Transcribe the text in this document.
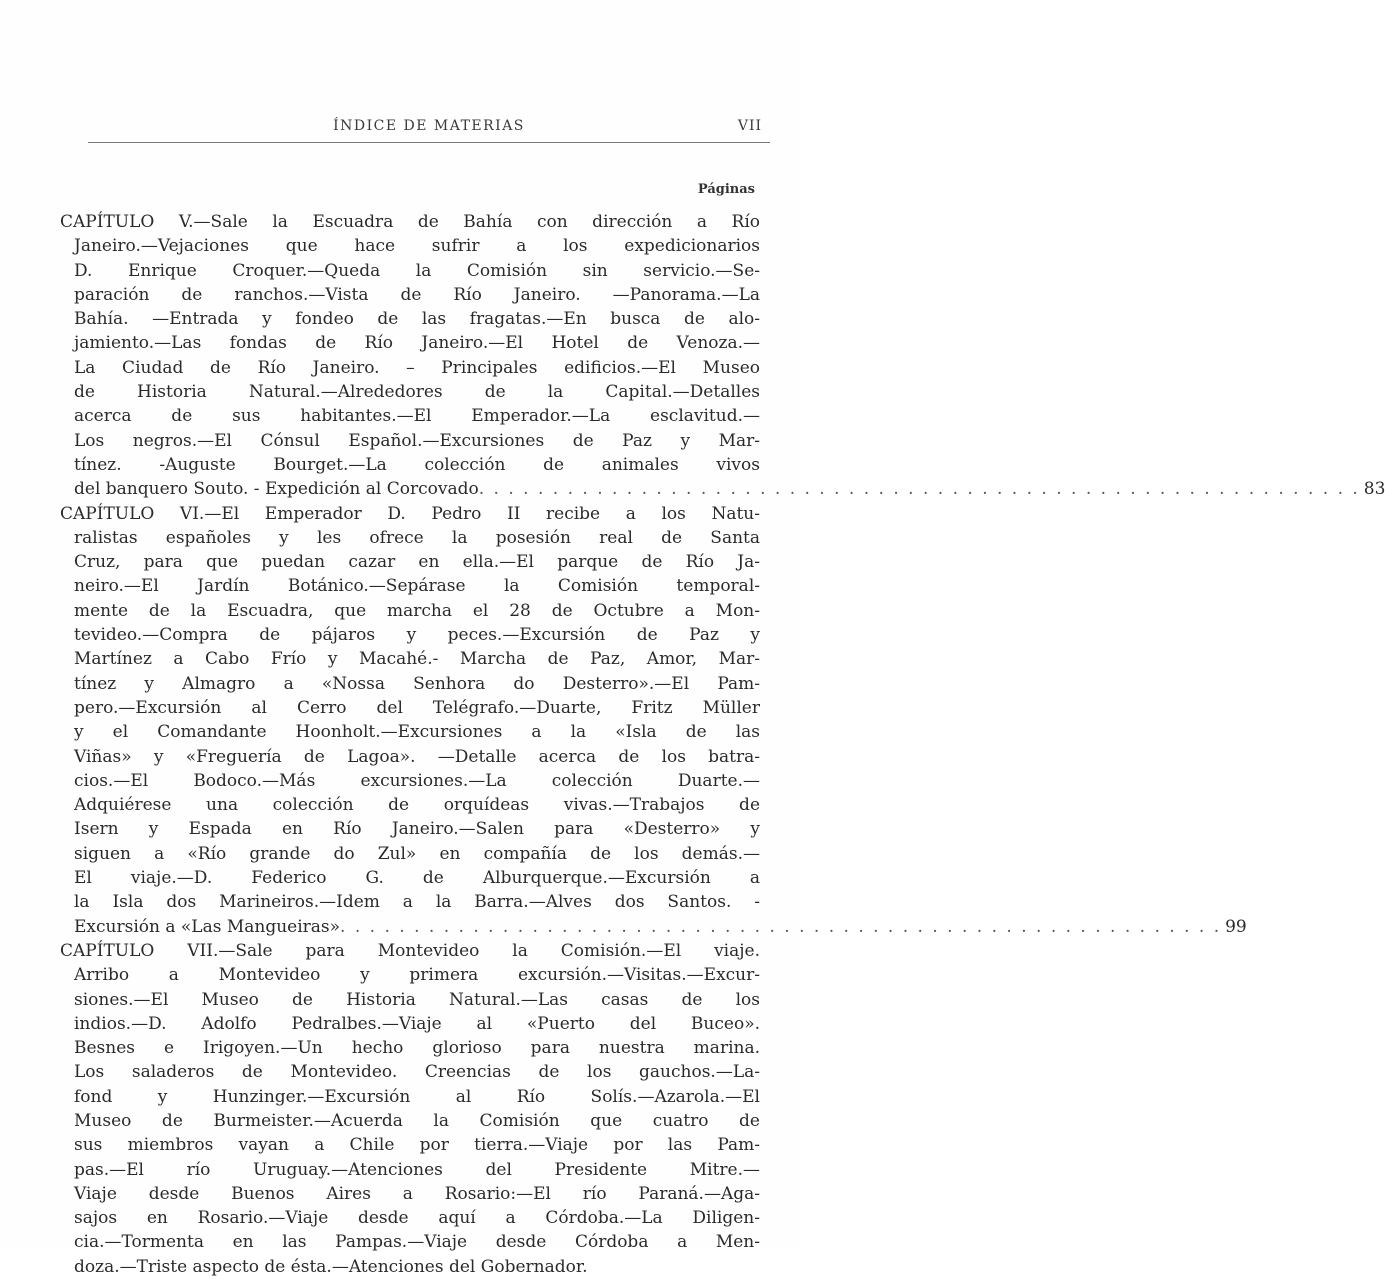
ÍNDICE DE MATERIAS	VII
Páginas
CAPÍTULO V.—Sale la Escuadra de Bahía con dirección a Río
Janeiro.—Vejaciones que hace sufrir a los expedicionarios
D. Enrique Croquer.—Queda la Comisión sin servicio.—Se-
paración de ranchos.—Vista de Río Janeiro. —Panorama.—La
Bahía. —Entrada y fondeo de las fragatas.—En busca de alo-
jamiento.—Las fondas de Río Janeiro.—El Hotel de Venoza.—
La Ciudad de Río Janeiro. – Principales edificios.—El Museo
de Historia Natural.—Alrededores de la Capital.—Detalles
acerca de sus habitantes.—El Emperador.—La esclavitud.—
Los negros.—El Cónsul Español.—Excursiones de Paz y Mar-
tínez. -Auguste Bourget.—La colección de animales vivos
del banquero Souto. - Expedición al Corcovado . . . . . . . . . . . . . . . . . . . . . . . . . . . . . . . . . . . . . . . . . . . . . . . . . . . . . . . . . . . . 83
CAPÍTULO VI.—El Emperador D. Pedro II recibe a los Natu-
ralistas españoles y les ofrece la posesión real de Santa
Cruz, para que puedan cazar en ella.—El parque de Río Ja-
neiro.—El Jardín Botánico.—Sepárase la Comisión temporal-
mente de la Escuadra, que marcha el 28 de Octubre a Mon-
tevideo.—Compra de pájaros y peces.—Excursión de Paz y
Martínez a Cabo Frío y Macahé.- Marcha de Paz, Amor, Mar-
tínez y Almagro a «Nossa Senhora do Desterro».—El Pam-
pero.—Excursión al Cerro del Telégrafo.—Duarte, Fritz Müller
y el Comandante Hoonholt.—Excursiones a la «Isla de las
Viñas» y «Freguería de Lagoa». —Detalle acerca de los batra-
cios.—El Bodoco.—Más excursiones.—La colección Duarte.—
Adquiérese una colección de orquídeas vivas.—Trabajos de
Isern y Espada en Río Janeiro.—Salen para «Desterro» y
siguen a «Río grande do Zul» en compañía de los demás.—
El viaje.—D. Federico G. de Alburquerque.—Excursión a
la Isla dos Marineiros.—Idem a la Barra.—Alves dos Santos. -
Excursión a «Las Mangueiras» . . . . . . . . . . . . . . . . . . . . . . . . . . . . . . . . . . . . . . . . . . . . . . . . . . . . . . . . . . . . 99
CAPÍTULO VII.—Sale para Montevideo la Comisión.—El viaje.
Arribo a Montevideo y primera excursión.—Visitas.—Excur-
siones.—El Museo de Historia Natural.—Las casas de los
indios.—D. Adolfo Pedralbes.—Viaje al «Puerto del Buceo».
Besnes e Irigoyen.—Un hecho glorioso para nuestra marina.
Los saladeros de Montevideo. Creencias de los gauchos.—La-
fond y Hunzinger.—Excursión al Río Solís.—Azarola.—El
Museo de Burmeister.—Acuerda la Comisión que cuatro de
sus miembros vayan a Chile por tierra.—Viaje por las Pam-
pas.—El río Uruguay.—Atenciones del Presidente Mitre.—
Viaje desde Buenos Aires a Rosario:—El río Paraná.—Aga-
sajos en Rosario.—Viaje desde aquí a Córdoba.—La Diligen-
cia.—Tormenta en las Pampas.—Viaje desde Córdoba a Men-
doza.—Triste aspecto de ésta.—Atenciones del Gobernador.
